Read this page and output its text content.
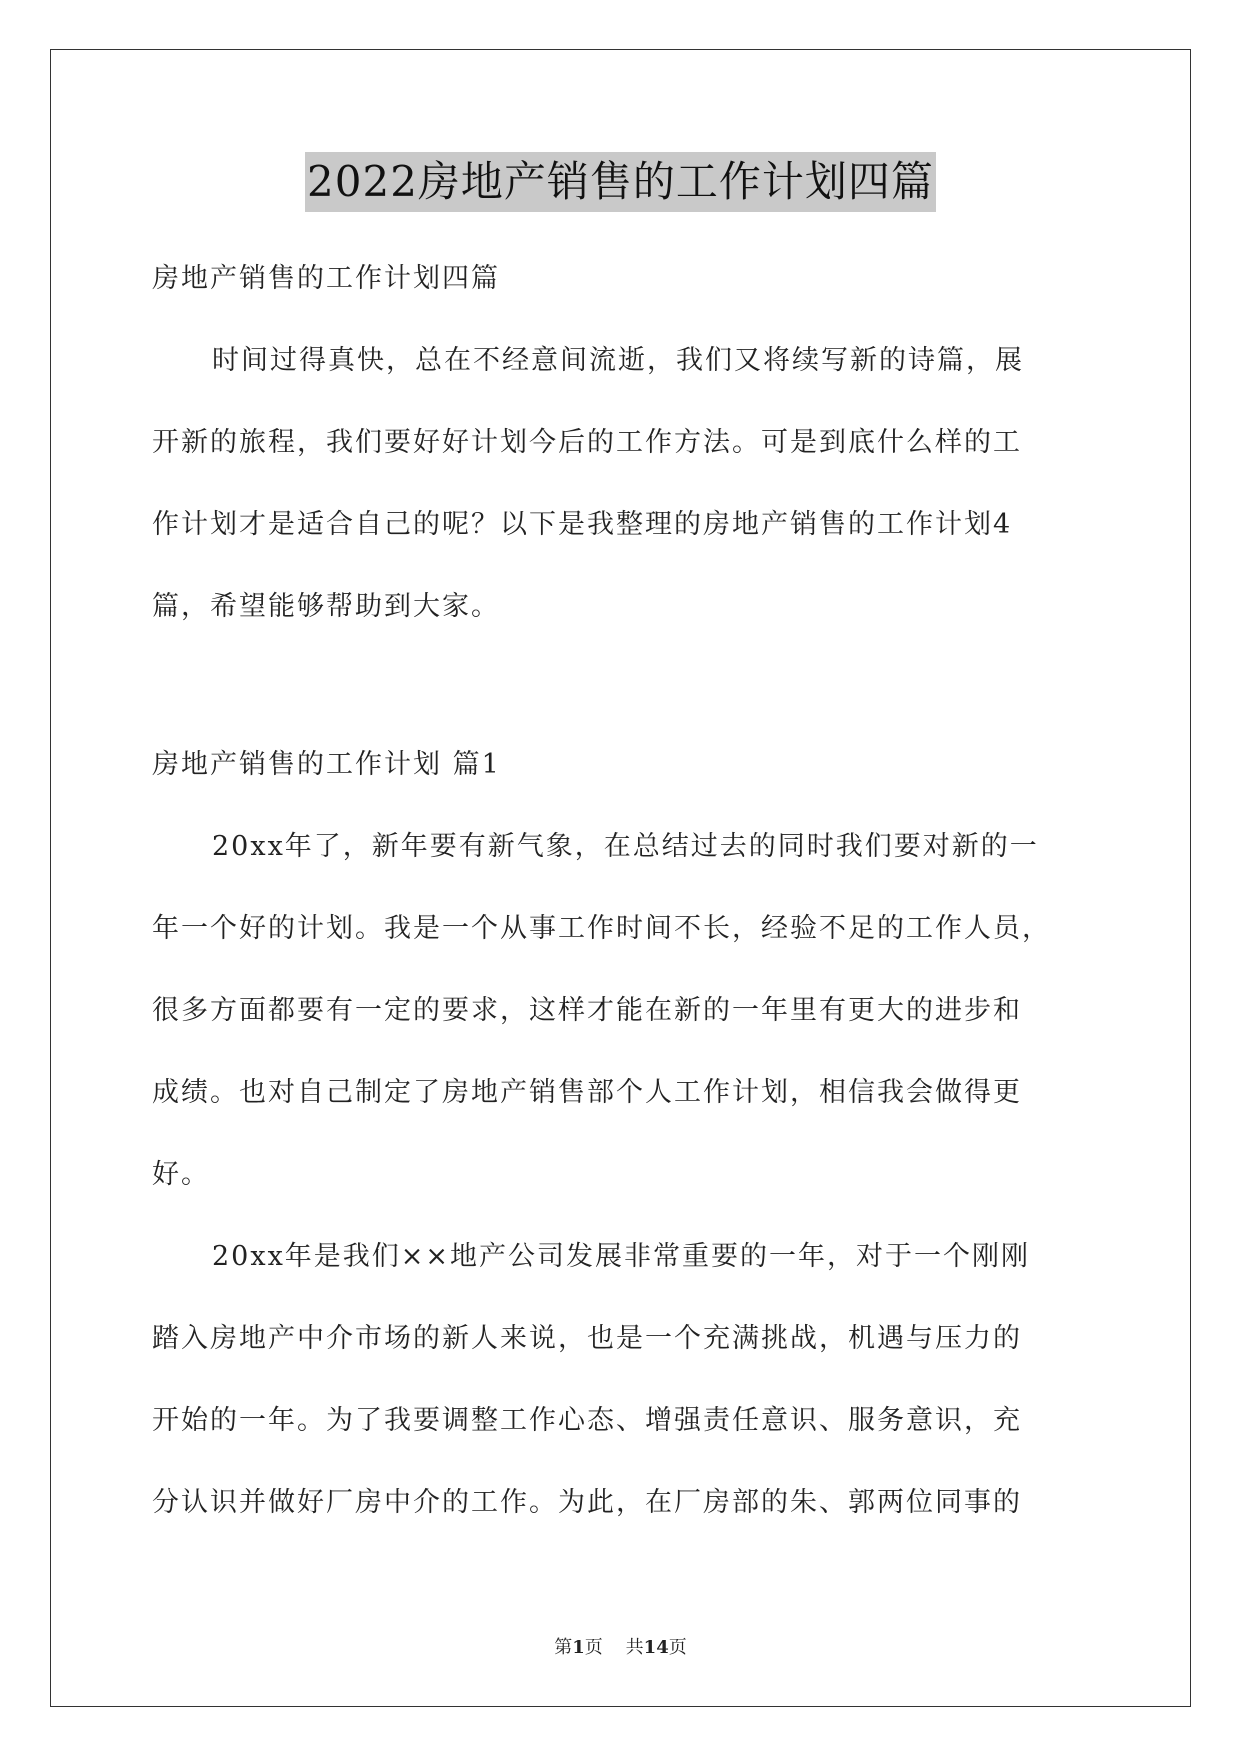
2022房地产销售的工作计划四篇
房地产销售的工作计划四篇
时间过得真快，总在不经意间流逝，我们又将续写新的诗篇，展
开新的旅程，我们要好好计划今后的工作方法。可是到底什么样的工
作计划才是适合自己的呢？以下是我整理的房地产销售的工作计划4
篇，希望能够帮助到大家。
房地产销售的工作计划 篇1
20xx年了，新年要有新气象，在总结过去的同时我们要对新的一
年一个好的计划。我是一个从事工作时间不长，经验不足的工作人员，
很多方面都要有一定的要求，这样才能在新的一年里有更大的进步和
成绩。也对自己制定了房地产销售部个人工作计划，相信我会做得更
好。
20xx年是我们××地产公司发展非常重要的一年，对于一个刚刚
踏入房地产中介市场的新人来说，也是一个充满挑战，机遇与压力的
开始的一年。为了我要调整工作心态、增强责任意识、服务意识，充
分认识并做好厂房中介的工作。为此，在厂房部的朱、郭两位同事的
第1页    共14页
